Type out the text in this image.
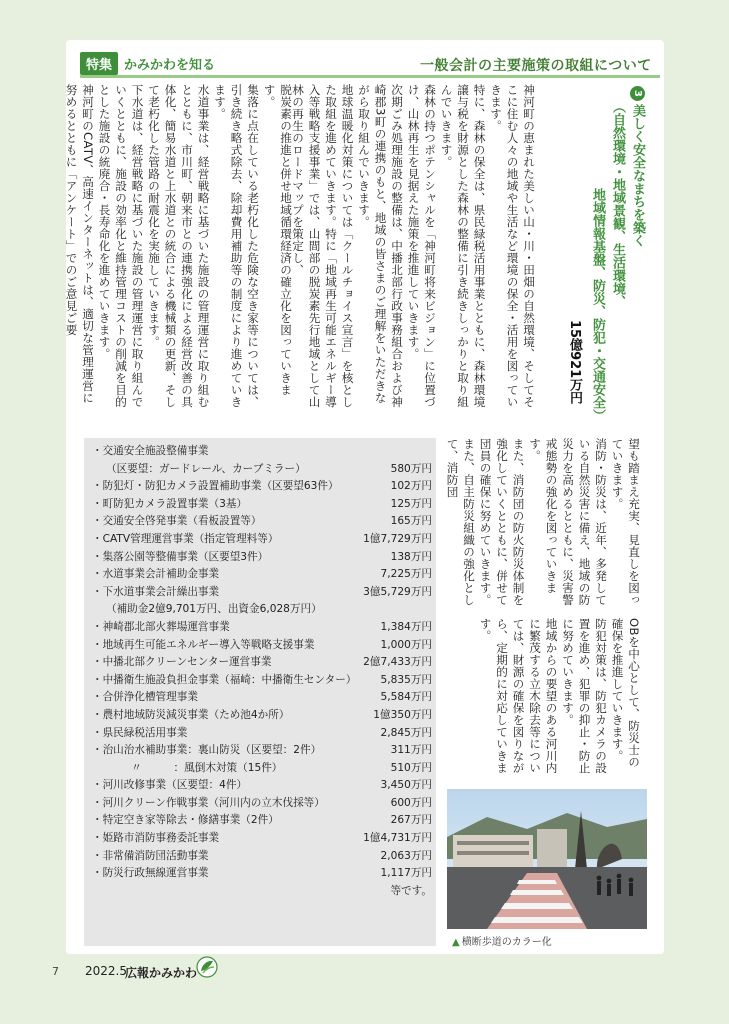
特集 かみかわを知る	一般会計の主要施策の取組について
3美しく安全なまちを築く
（自然環境・地域景観、生活環境、
地域情報基盤、防災、防犯・交通安全）
15億921万円

神河町の恵まれた美しい山・川・田畑の自然環境、そしてそこに住む人々の地域や生活など環境の保全・活用を図っていきます。

特に、森林の保全は、県民緑税活用事業とともに、森林環境譲与税を財源とした森林の整備に引き続きしっかりと取り組んでいきます。

森林の持つポテンシャルを「神河町将来ビジョン」に位置づけ、山林再生を見据えた施策を推進していきます。

次期ごみ処理施設の整備は、中播北部行政事務組合および神崎郡3町の連携のもと、地域の皆さまのご理解をいただきながら取り組んでいきます。

地球温暖化対策については「クールチョイス宣言」を核とした取組を進めていきます。特に「地域再生可能エネルギー導入等戦略支援事業」では、山間部の脱炭素先行地域として山林の再生のロードマップを策定し、

脱炭素の推進と併せ地域循環経済の確立化を図っていきます。

集落に点在している老朽化した危険な空き家等については、引き続き略式除去、除却費用補助等の制度により進めていきます。

水道事業は、経営戦略に基づいた施設の管理運営に取り組むとともに、市川町、朝来市との連携強化による経営改善の具体化、簡易水道と上水道との統合による機械類の更新、そして老朽化した管路の耐震化を実施していきます。

下水道は、経営戦略に基づいた施設の管理運営に取り組んでいくとともに、施設の効率化と維持管理コストの削減を目的とした施設の統廃合・長寿命化を進めていきます。

神河町のCATV、高速インターネットは、適切な管理運営に努めるとともに「アンケート」でのご意見ご要

望も踏まえ充実、見直しを図っていきます。

消防・防災は、近年、多発している自然災害に備え、地域の防災力を高めるとともに、災害警戒態勢の強化を図っていきます。

また、消防団の防火防災体制を強化していくとともに、併せて団員の確保に努めていきます。また、自主防災組織の強化として、消防団

OBを中心として、防災士の確保を推進していきます。

防犯対策は、防犯カメラの設置を進め、犯罪の抑止・防止に努めていきます。

地域からの要望のある河川内に繁茂する立木除去等については、財源の確保を図りながら、定期的に対応していきます。

・交通安全施設整備事業
（区要望：ガードレール、カーブミラー）	580万円
・防犯灯・防犯カメラ設置補助事業（区要望63件）	102万円
・町防犯カメラ設置事業（3基）	125万円
・交通安全啓発事業（看板設置等）	165万円
・CATV管理運営事業（指定管理料等）	1億7,729万円
・集落公園等整備事業（区要望3件）	138万円
・水道事業会計補助金事業	7,225万円
・下水道事業会計繰出事業	3億5,729万円
（補助金2億9,701万円、出資金6,028万円）
・神崎郡北部火葬場運営事業	1,384万円
・地域再生可能エネルギー導入等戦略支援事業	1,000万円
・中播北部クリーンセンター運営事業	2億7,433万円
・中播衛生施設負担金事業（福崎：中播衛生センター） 5,835万円
・合併浄化槽管理事業	5,584万円
・農村地域防災減災事業（ため池4か所）	1億350万円
・県民緑税活用事業	2,845万円
・治山治水補助事業：裏山防災（区要望：2件）	311万円
　　〃　　　：風倒木対策（15件）	510万円
・河川改修事業（区要望：4件）	3,450万円
・河川クリーン作戦事業（河川内の立木伐採等）	600万円
・特定空き家等除去・修繕事業（2件）	267万円
・姫路市消防事務委託事業	1億4,731万円
・非常備消防団活動事業	2,063万円
・防災行政無線運営事業	1,117万円
等です。
▲ 横断歩道のカラー化
7 2022.5
広報かみかわ
